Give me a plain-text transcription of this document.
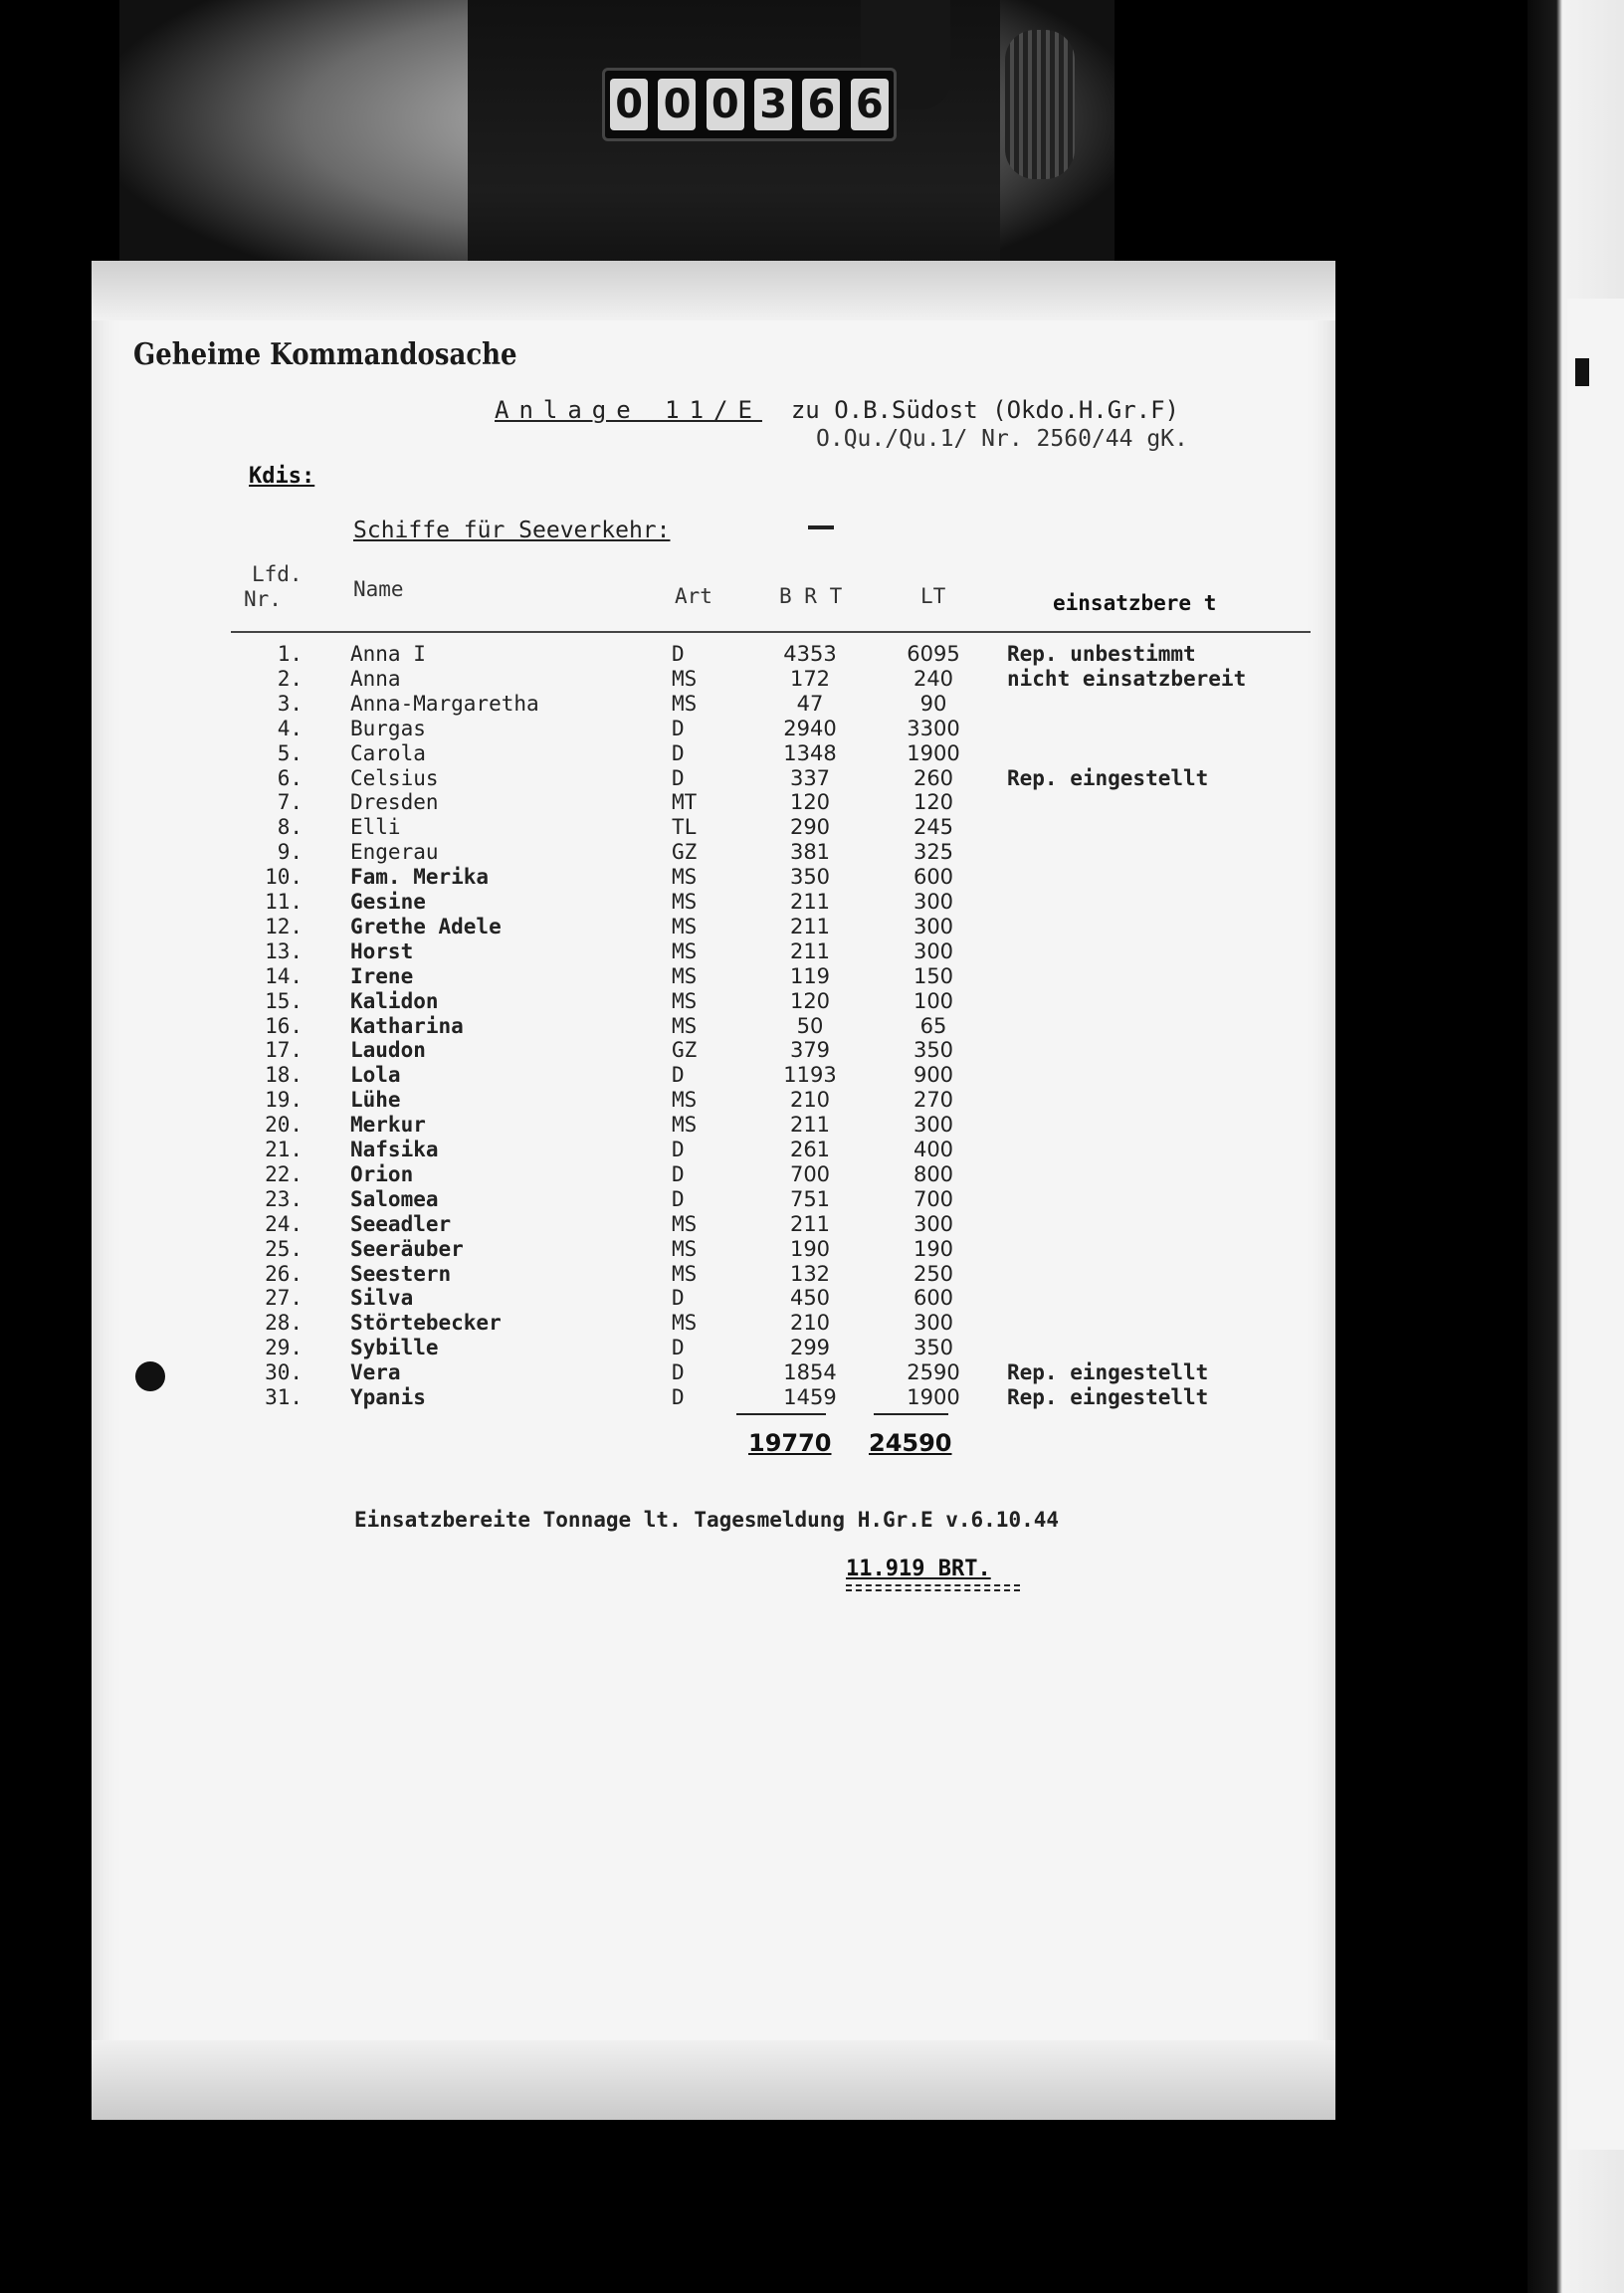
0 0 0 3 6 6
Geheime Kommandosache
Anlage 11/E zu O.B.Südost (Okdo.H.Gr.F)
O.Qu./Qu.1/ Nr. 2560/44 gK.
Kdis:
Schiffe für Seeverkehr:
Lfd.
Nr.	Name	Art	B R T	LT	einsatzbere t
1. Anna I	D	4353	6095	Rep. unbestimmt
2. Anna	MS	172	240	nicht einsatzbereit
3. Anna-Margaretha	MS	47	90
4. Burgas	D	2940	3300
5. Carola	D	1348	1900
6. Celsius	D	337	260	Rep. eingestellt
7. Dresden	MT	120	120
8. Elli	TL	290	245
9. Engerau	GZ	381	325
10. Fam. Merika	MS	350	600
11. Gesine	MS	211	300
12. Grethe Adele	MS	211	300
13. Horst	MS	211	300
14. Irene	MS	119	150
15. Kalidon	MS	120	100
16. Katharina	MS	50	65
17. Laudon	GZ	379	350
18. Lola	D	1193	900
19. Lühe	MS	210	270
20. Merkur	MS	211	300
21. Nafsika	D	261	400
22. Orion	D	700	800
23. Salomea	D	751	700
24. Seeadler	MS	211	300
25. Seeräuber	MS	190	190
26. Seestern	MS	132	250
27. Silva	D	450	600
28. Störtebecker	MS	210	300
29. Sybille	D	299	350
30. Vera	D	1854	2590	Rep. eingestellt
31. Ypanis	D	1459	1900	Rep. eingestellt
19770 24590
Einsatzbereite Tonnage lt. Tagesmeldung H.Gr.E v.6.10.44
11.919 BRT.
